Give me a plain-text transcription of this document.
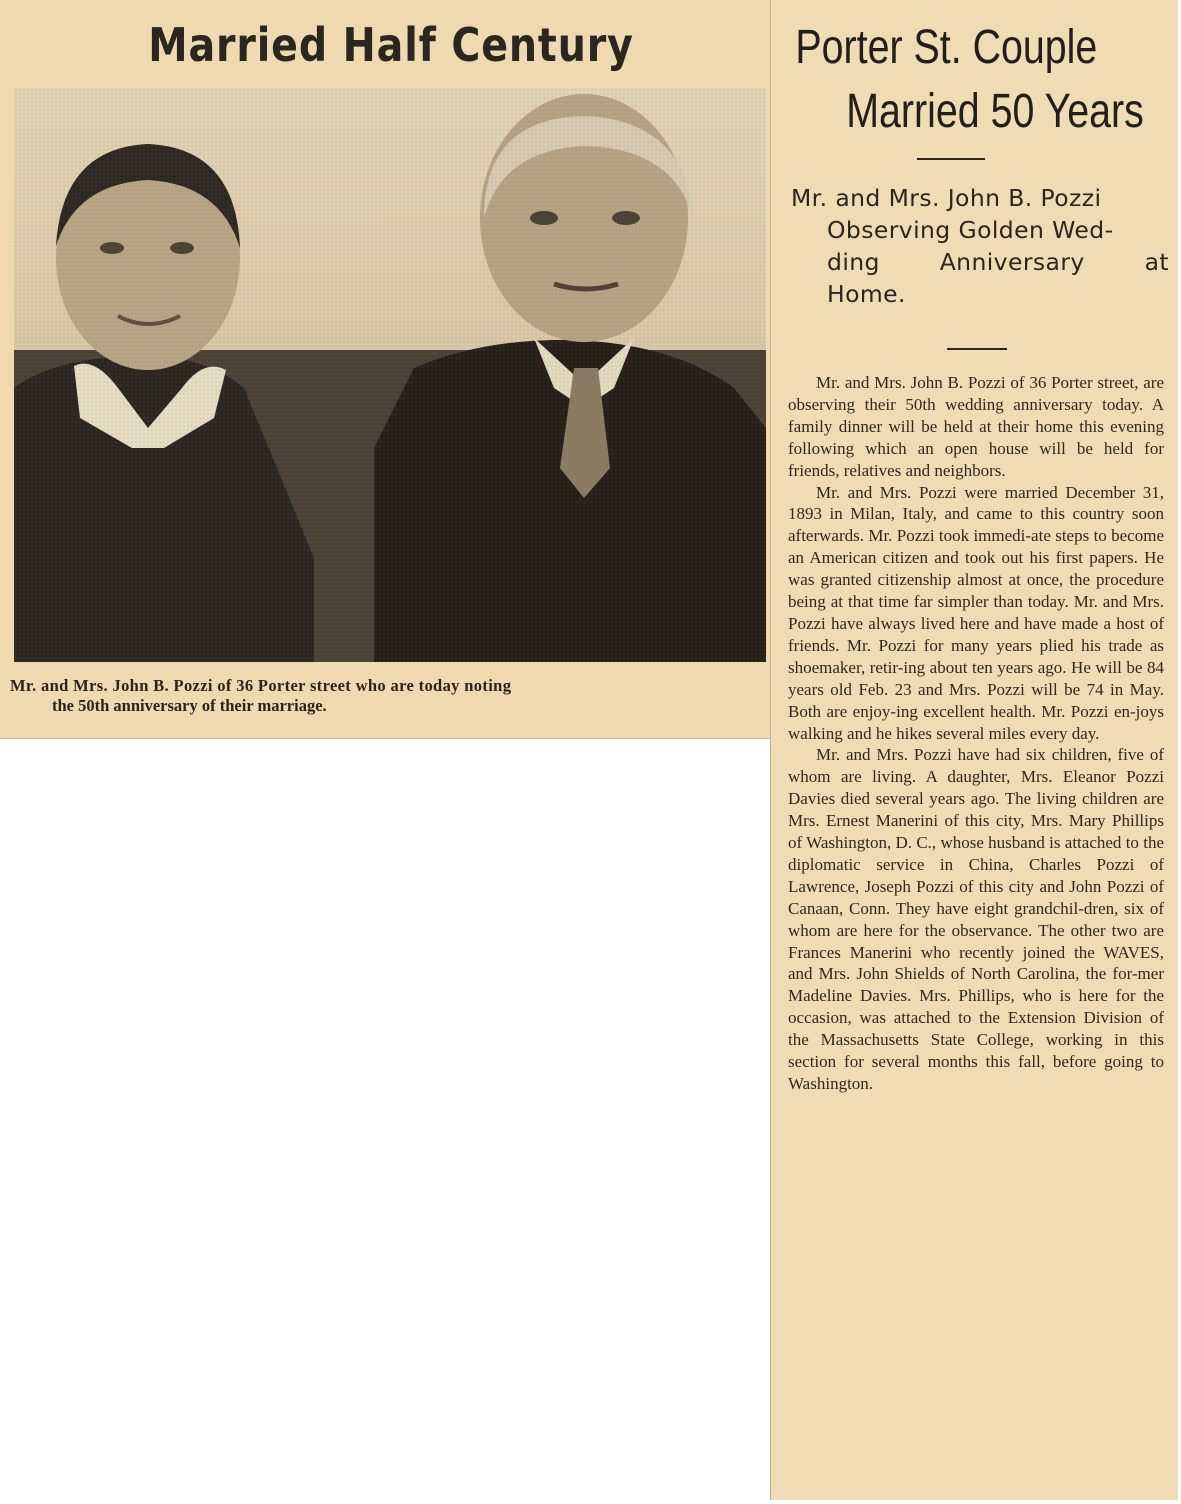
Married Half Century
Mr. and Mrs. John B. Pozzi of 36 Porter street who are today noting
the 50th anniversary of their marriage.
Porter St. Couple
Married 50 Years
Mr. and Mrs. John B. Pozzi
Observing Golden Wed-
ding	Anniversary	at
Home.

Mr. and Mrs. John B. Pozzi of 36 Porter street, are observing their 50th wedding anniversary today. A family dinner will be held at their home this evening following which an open house will be held for friends, relatives and neighbors.

Mr. and Mrs. Pozzi were married December 31, 1893 in Milan, Italy, and came to this country soon afterwards. Mr. Pozzi took immedi-ate steps to become an American citizen and took out his first papers. He was granted citizenship almost at once, the procedure being at that time far simpler than today. Mr. and Mrs. Pozzi have always lived here and have made a host of friends. Mr. Pozzi for many years plied his trade as shoemaker, retir-ing about ten years ago. He will be 84 years old Feb. 23 and Mrs. Pozzi will be 74 in May. Both are enjoy-ing excellent health. Mr. Pozzi en-joys walking and he hikes several miles every day.

Mr. and Mrs. Pozzi have had six children, five of whom are living. A daughter, Mrs. Eleanor Pozzi Davies died several years ago. The living children are Mrs. Ernest Manerini of this city, Mrs. Mary Phillips of Washington, D. C., whose husband is attached to the diplomatic service in China, Charles Pozzi of Lawrence, Joseph Pozzi of this city and John Pozzi of Canaan, Conn. They have eight grandchil-dren, six of whom are here for the observance. The other two are Frances Manerini who recently joined the WAVES, and Mrs. John Shields of North Carolina, the for-mer Madeline Davies. Mrs. Phillips, who is here for the occasion, was attached to the Extension Division of the Massachusetts State College, working in this section for several months this fall, before going to Washington.
